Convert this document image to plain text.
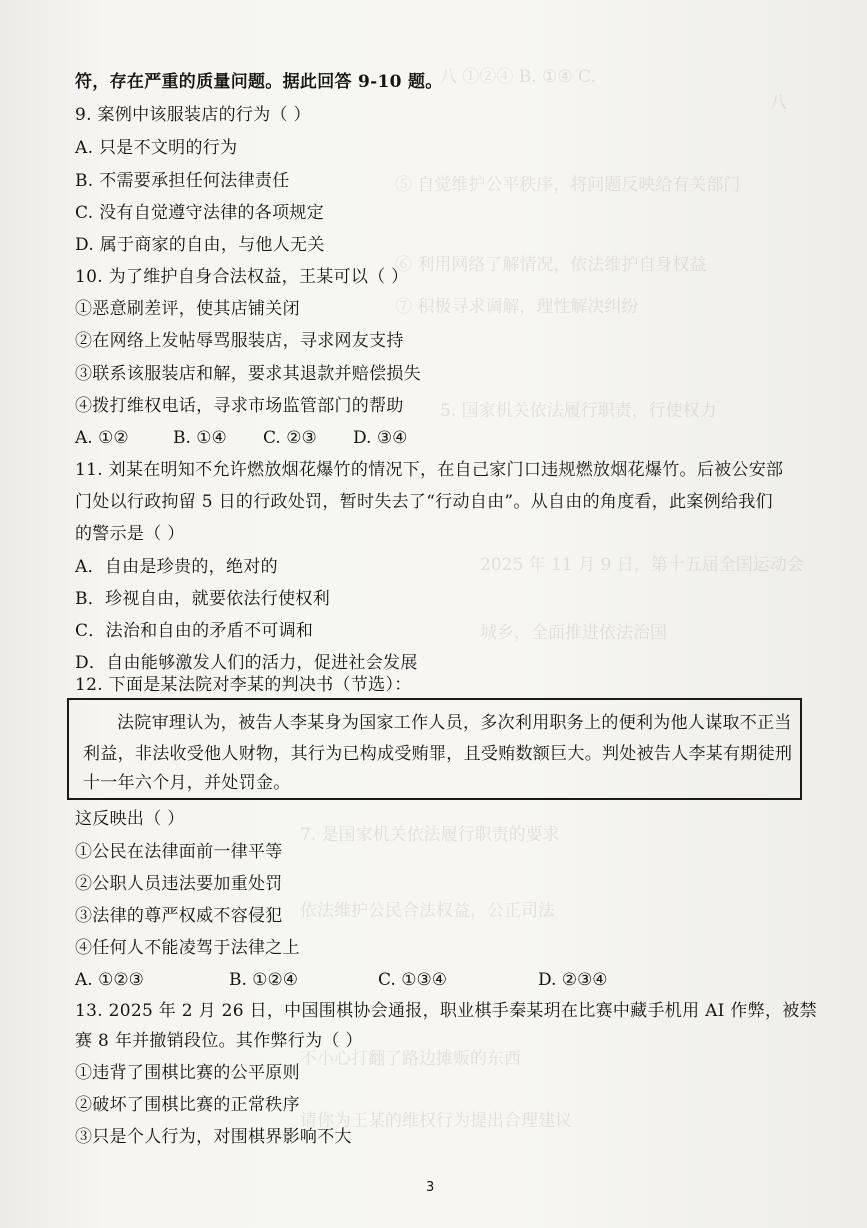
八 ①②④ B. ①④ C.
八
⑤ 自觉维护公平秩序，将问题反映给有关部门
⑥ 利用网络了解情况，依法维护自身权益
⑦ 积极寻求调解，理性解决纠纷
5. 国家机关依法履行职责，行使权力
2025 年 11 月 9 日，第十五届全国运动会
城乡，全面推进依法治国
7. 是国家机关依法履行职责的要求
依法维护公民合法权益，公正司法
不小心打翻了路边摊贩的东西
请你为王某的维权行为提出合理建议
符，存在严重的质量问题。据此回答 9-10 题。
9. 案例中该服装店的行为（ ）
A. 只是不文明的行为
B. 不需要承担任何法律责任
C. 没有自觉遵守法律的各项规定
D. 属于商家的自由，与他人无关
10. 为了维护自身合法权益，王某可以（ ）
①恶意刷差评，使其店铺关闭
②在网络上发帖辱骂服装店，寻求网友支持
③联系该服装店和解，要求其退款并赔偿损失
④拨打维权电话，寻求市场监管部门的帮助
A. ①②	B. ①④ C. ②③ D. ③④
11. 刘某在明知不允许燃放烟花爆竹的情况下，在自己家门口违规燃放烟花爆竹。后被公安部
门处以行政拘留 5 日的行政处罚，暂时失去了“行动自由”。从自由的角度看，此案例给我们
的警示是（ ）
A．自由是珍贵的，绝对的
B．珍视自由，就要依法行使权利
C．法治和自由的矛盾不可调和
D．自由能够激发人们的活力，促进社会发展
12. 下面是某法院对李某的判决书（节选）：
法院审理认为，被告人李某身为国家工作人员，多次利用职务上的便利为他人谋取不正当
利益，非法收受他人财物，其行为已构成受贿罪，且受贿数额巨大。判处被告人李某有期徒刑
十一年六个月，并处罚金。
这反映出（ ）
①公民在法律面前一律平等
②公职人员违法要加重处罚
③法律的尊严权威不容侵犯
④任何人不能凌驾于法律之上
A. ①②③	B. ①②④	C. ①③④	D. ②③④
13. 2025 年 2 月 26 日，中国围棋协会通报，职业棋手秦某玥在比赛中藏手机用 AI 作弊，被禁
赛 8 年并撤销段位。其作弊行为（ ）
①违背了围棋比赛的公平原则
②破坏了围棋比赛的正常秩序
③只是个人行为，对围棋界影响不大
3
